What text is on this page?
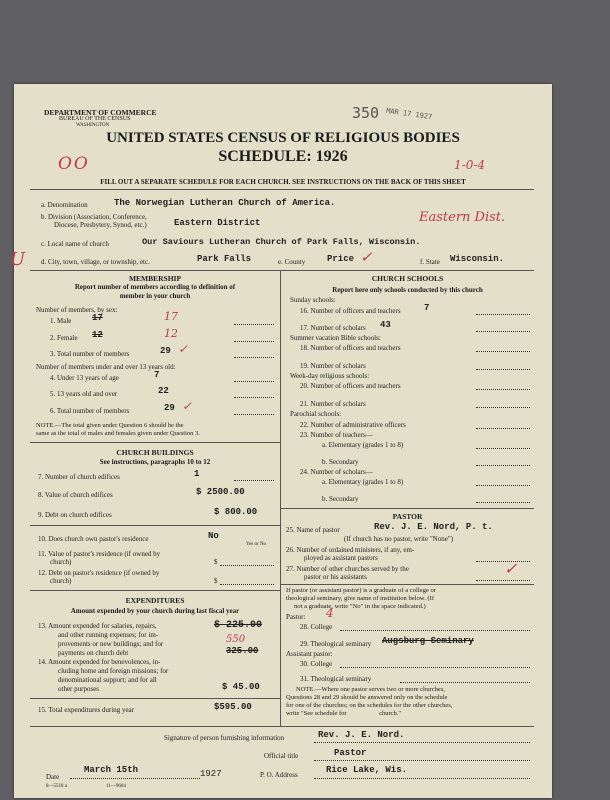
DEPARTMENT OF COMMERCE
BUREAU OF THE CENSUS
WASHINGTON
350 MAR 17 1927
UNITED STATES CENSUS OF RELIGIOUS BODIES
SCHEDULE: 1926
OO	1-0-4
FILL OUT A SEPARATE SCHEDULE FOR EACH CHURCH. SEE INSTRUCTIONS ON THE BACK OF THIS SHEET
a. Denomination	The Norwegian Lutheran Church of America.
b. Division (Association, Conference,
Diocese, Presbytery, Synod, etc.)	Eastern District	Eastern Dist.
c. Local name of church	Our Saviours Lutheran Church of Park Falls, Wisconsin.
U d. City, town, village, or township, etc.	Park Falls	e. County Price ✓	f. State Wisconsin.
MEMBERSHIP
Report number of members according to definition of
member in your church
Number of members, by sex:
1. Male 17	17
2. Female 12	12
3. Total number of members	29 ✓
Number of members under and over 13 years old:
4. Under 13 years of age	7
5. 13 years old and over	22
6. Total number of members	29 ✓
NOTE.—The total given under Question 6 should be the
same as the total of males and females given under Question 3.
CHURCH BUILDINGS
See instructions, paragraphs 10 to 12
7. Number of church edifices	1
8. Value of church edifices	$ 2500.00
9. Debt on church edifices	$ 800.00
10. Does church own pastor's residence	No
Yes or No
11. Value of pastor's residence (if owned by
church)	$
12. Debt on pastor's residence (if owned by
church)	$
EXPENDITURES
Amount expended by your church during last fiscal year
13. Amount expended for salaries, repairs,
and other running expenses; for im-
provements or new buildings; and for
payments on church debt
$ 225.00
550
325.00
14. Amount expended for benevolences, in-
cluding home and foreign missions; for
denominational support; and for all
other purposes	$ 45.00
15. Total expenditures during year	$595.00
CHURCH SCHOOLS
Report here only schools conducted by this church
Sunday schools:
16. Number of officers and teachers	7
17. Number of scholars 43
Summer vacation Bible schools:
18. Number of officers and teachers
19. Number of scholars
Week-day religious schools:
20. Number of officers and teachers
21. Number of scholars
Parochial schools:
22. Number of administrative officers
23. Number of teachers—
a. Elementary (grades 1 to 8)
b. Secondary
24. Number of scholars—
a. Elementary (grades 1 to 8)
b. Secondary
PASTOR
25. Name of pastor	Rev. J. E. Nord, P. t.
(If church has no pastor, write "None")
26. Number of ordained ministers, if any, em-
ployed as assistant pastors
27. Number of other churches served by the
pastor or his assistants	✓
If pastor (or assistant pastor) is a graduate of a college or
theological seminary, give name of institution below. (If
not a graduate, write "No" in the space indicated.)
Pastor: 4
28. College
29. Theological seminary Augsburg Seminary
Assistant pastor:
30. College
31. Theological seminary
NOTE.—Where one pastor serves two or more churches,
Questions 28 and 29 should be answered only on the schedule
for one of the churches; on the schedules for the other churches,
write "See schedule for                    church."
Signature of person furnishing information	Rev. J. E. Nord.
Official title	Pastor
Date
March 15th	1927	P. O. Address	Rice Lake, Wis.
8—5518 a	11—9664
